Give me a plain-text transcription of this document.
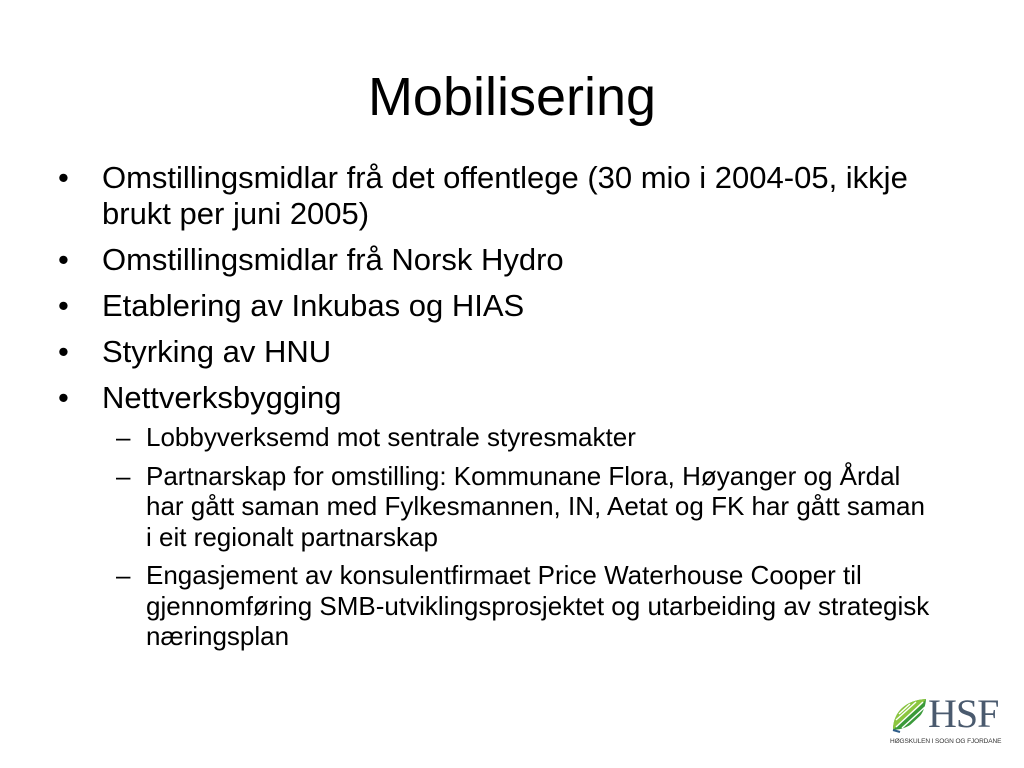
Mobilisering
•	Omstillingsmidlar frå det offentlege (30 mio i 2004-05, ikkje brukt per juni 2005)
•	Omstillingsmidlar frå Norsk Hydro
•	Etablering av Inkubas og HIAS
•	Styrking av HNU
•	Nettverksbygging
– Lobbyverksemd mot sentrale styresmakter
– Partnarskap for omstilling: Kommunane Flora, Høyanger og Årdal har gått saman med Fylkesmannen, IN, Aetat og FK har gått saman i eit regionalt partnarskap
– Engasjement av konsulentfirmaet Price Waterhouse Cooper til gjennomføring SMB-utviklingsprosjektet og utarbeiding av strategisk næringsplan
HSF
HØGSKULEN I SOGN OG FJORDANE
